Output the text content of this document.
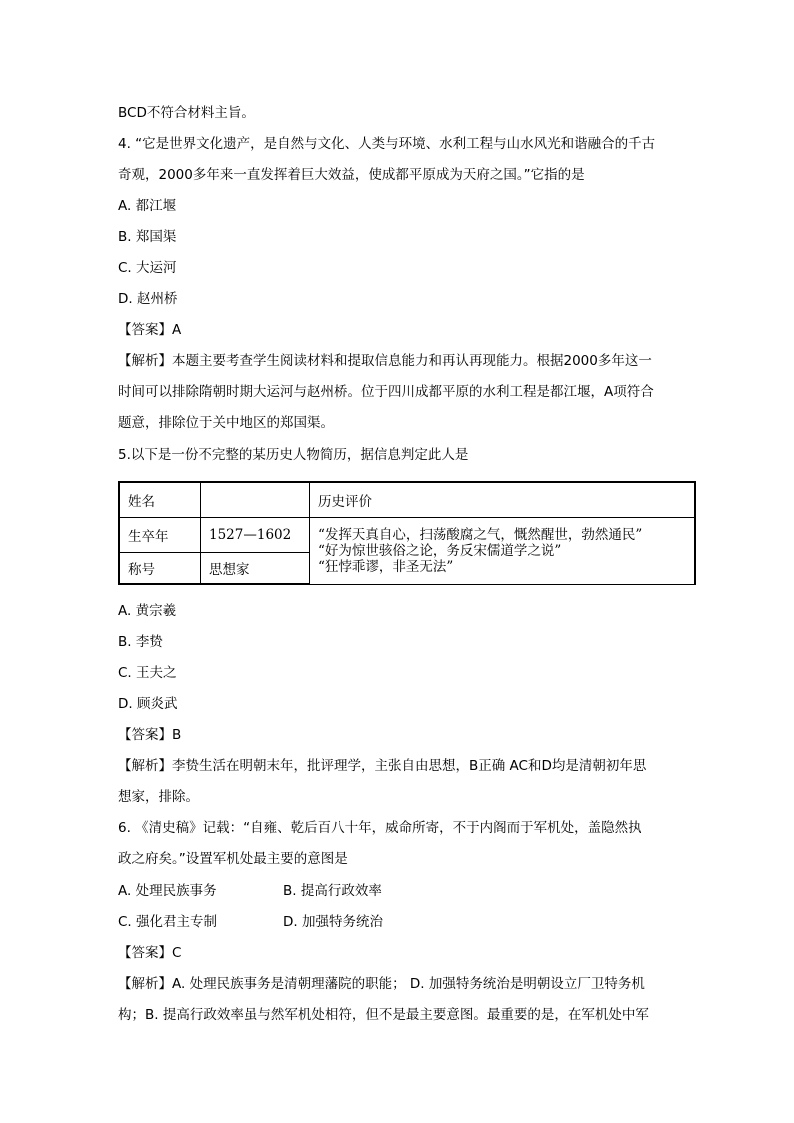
BCD不符合材料主旨。
4. “它是世界文化遗产，是自然与文化、人类与环境、水利工程与山水风光和谐融合的千古
奇观，2000多年来一直发挥着巨大效益，使成都平原成为天府之国。”它指的是
A. 都江堰
B. 郑国渠
C. 大运河
D. 赵州桥
【答案】A
【解析】本题主要考查学生阅读材料和提取信息能力和再认再现能力。根据2000多年这一
时间可以排除隋朝时期大运河与赵州桥。位于四川成都平原的水利工程是都江堰，A项符合
题意，排除位于关中地区的郑国渠。
5.以下是一份不完整的某历史人物简历，据信息判定此人是
姓名		历史评价
生卒年	1527—1602	“发挥天真自心，扫荡酸腐之气，慨然醒世，勃然通民”
“好为惊世骇俗之论，务反宋儒道学之说”
“狂悖乖谬，非圣无法”

称号	思想家	
A. 黄宗羲
B. 李贽
C. 王夫之
D. 顾炎武
【答案】B
【解析】李贽生活在明朝末年，批评理学，主张自由思想，B正确 AC和D均是清朝初年思
想家，排除。
6. 《清史稿》记载：“自雍、乾后百八十年，威命所寄，不于内阁而于军机处，盖隐然执
政之府矣。”设置军机处最主要的意图是
A. 处理民族事务	B. 提高行政效率
C. 强化君主专制	D. 加强特务统治
【答案】C
【解析】A. 处理民族事务是清朝理藩院的职能； D. 加强特务统治是明朝设立厂卫特务机
构；B. 提高行政效率虽与然军机处相符，但不是最主要意图。最重要的是，在军机处中军
